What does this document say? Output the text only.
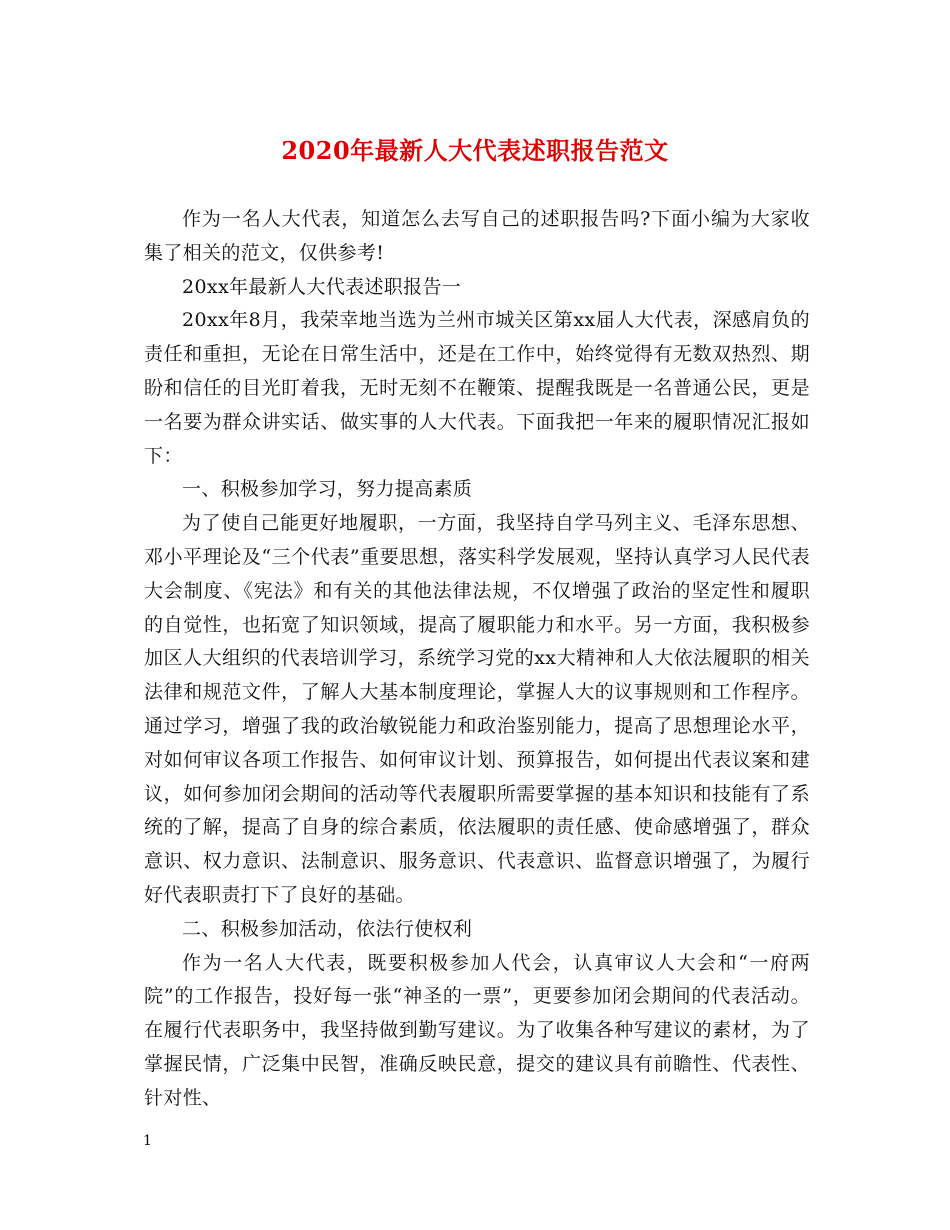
2020年最新人大代表述职报告范文

作为一名人大代表，知道怎么去写自己的述职报告吗?下面小编为大家收集了相关的范文，仅供参考!

20xx年最新人大代表述职报告一

20xx年8月，我荣幸地当选为兰州市城关区第xx届人大代表，深感肩负的责任和重担，无论在日常生活中，还是在工作中，始终觉得有无数双热烈、期盼和信任的目光盯着我，无时无刻不在鞭策、提醒我既是一名普通公民，更是一名要为群众讲实话、做实事的人大代表。下面我把一年来的履职情况汇报如下：

一、积极参加学习，努力提高素质

为了使自己能更好地履职，一方面，我坚持自学马列主义、毛泽东思想、邓小平理论及“三个代表”重要思想，落实科学发展观，坚持认真学习人民代表大会制度、《宪法》和有关的其他法律法规，不仅增强了政治的坚定性和履职的自觉性，也拓宽了知识领域，提高了履职能力和水平。另一方面，我积极参加区人大组织的代表培训学习，系统学习党的xx大精神和人大依法履职的相关法律和规范文件，了解人大基本制度理论，掌握人大的议事规则和工作程序。通过学习，增强了我的政治敏锐能力和政治鉴别能力，提高了思想理论水平，对如何审议各项工作报告、如何审议计划、预算报告，如何提出代表议案和建议，如何参加闭会期间的活动等代表履职所需要掌握的基本知识和技能有了系统的了解，提高了自身的综合素质，依法履职的责任感、使命感增强了，群众意识、权力意识、法制意识、服务意识、代表意识、监督意识增强了，为履行好代表职责打下了良好的基础。

二、积极参加活动，依法行使权利

作为一名人大代表，既要积极参加人代会，认真审议人大会和“一府两院”的工作报告，投好每一张“神圣的一票”，更要参加闭会期间的代表活动。在履行代表职务中，我坚持做到勤写建议。为了收集各种写建议的素材，为了掌握民情，广泛集中民智，准确反映民意，提交的建议具有前瞻性、代表性、针对性、

1
